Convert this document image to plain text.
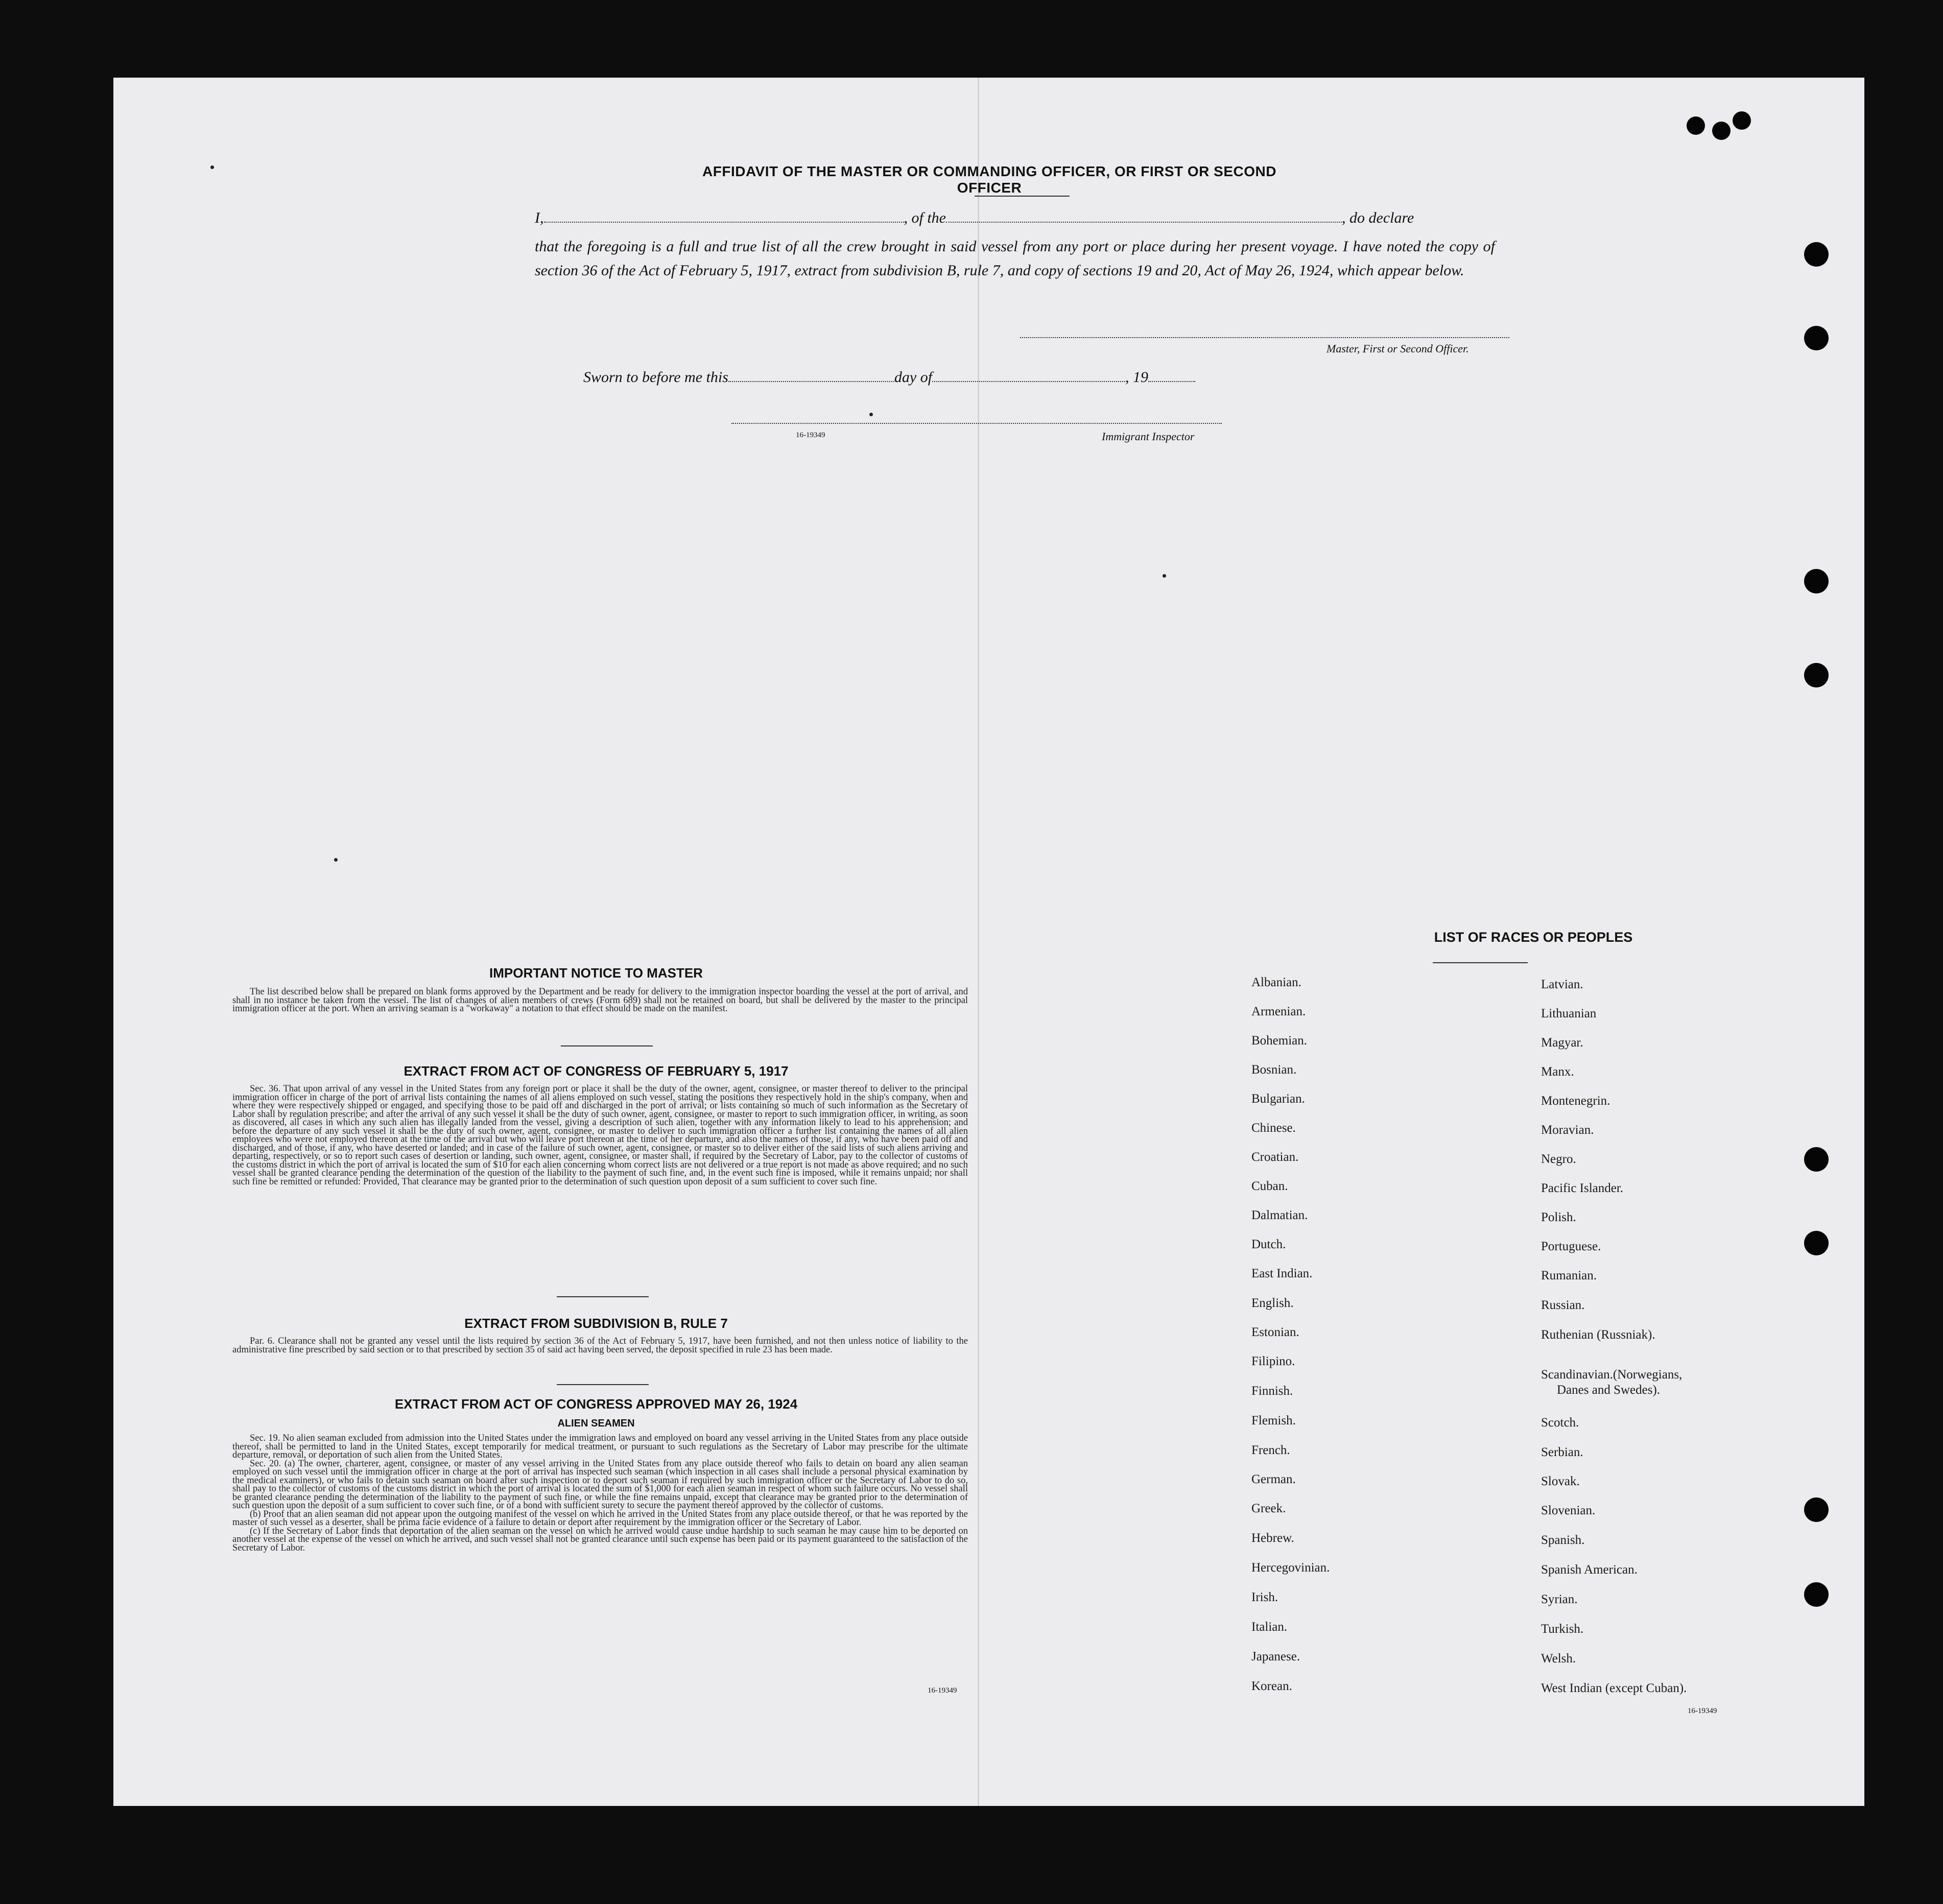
AFFIDAVIT OF THE MASTER OR COMMANDING OFFICER, OR FIRST OR SECOND OFFICER
I,	, of the	, do declare
that the foregoing is a full and true list of all the crew brought in said vessel from any port or place during her present voyage. I have noted the copy of section 36 of the Act of February 5, 1917, extract from subdivision B, rule 7, and copy of sections 19 and 20, Act of May 26, 1924, which appear below.
Master, First or Second Officer.
Sworn to before me this	day of	, 19
16-19349	Immigrant Inspector
IMPORTANT NOTICE TO MASTER

The list described below shall be prepared on blank forms approved by the Department and be ready for delivery to the immigration inspector boarding the vessel at the port of arrival, and shall in no instance be taken from the vessel. The list of changes of alien members of crews (Form 689) shall not be retained on board, but shall be delivered by the master to the principal immigration officer at the port. When an arriving seaman is a "workaway" a notation to that effect should be made on the manifest.

EXTRACT FROM ACT OF CONGRESS OF FEBRUARY 5, 1917

Sec. 36. That upon arrival of any vessel in the United States from any foreign port or place it shall be the duty of the owner, agent, consignee, or master thereof to deliver to the principal immigration officer in charge of the port of arrival lists containing the names of all aliens employed on such vessel, stating the positions they respectively hold in the ship's company, when and where they were respectively shipped or engaged, and specifying those to be paid off and discharged in the port of arrival; or lists containing so much of such information as the Secretary of Labor shall by regulation prescribe; and after the arrival of any such vessel it shall be the duty of such owner, agent, consignee, or master to report to such immigration officer, in writing, as soon as discovered, all cases in which any such alien has illegally landed from the vessel, giving a description of such alien, together with any information likely to lead to his apprehension; and before the departure of any such vessel it shall be the duty of such owner, agent, consignee, or master to deliver to such immigration officer a further list containing the names of all alien employees who were not employed thereon at the time of the arrival but who will leave port thereon at the time of her departure, and also the names of those, if any, who have been paid off and discharged, and of those, if any, who have deserted or landed; and in case of the failure of such owner, agent, consignee, or master so to deliver either of the said lists of such aliens arriving and departing, respectively, or so to report such cases of desertion or landing, such owner, agent, consignee, or master shall, if required by the Secretary of Labor, pay to the collector of customs of the customs district in which the port of arrival is located the sum of $10 for each alien concerning whom correct lists are not delivered or a true report is not made as above required; and no such vessel shall be granted clearance pending the determination of the question of the liability to the payment of such fine, and, in the event such fine is imposed, while it remains unpaid; nor shall such fine be remitted or refunded: Provided, That clearance may be granted prior to the determination of such question upon deposit of a sum sufficient to cover such fine.

EXTRACT FROM SUBDIVISION B, RULE 7

Par. 6. Clearance shall not be granted any vessel until the lists required by section 36 of the Act of February 5, 1917, have been furnished, and not then unless notice of liability to the administrative fine prescribed by said section or to that prescribed by section 35 of said act having been served, the deposit specified in rule 23 has been made.

EXTRACT FROM ACT OF CONGRESS APPROVED MAY 26, 1924
ALIEN SEAMEN

Sec. 19. No alien seaman excluded from admission into the United States under the immigration laws and employed on board any vessel arriving in the United States from any place outside thereof, shall be permitted to land in the United States, except temporarily for medical treatment, or pursuant to such regulations as the Secretary of Labor may prescribe for the ultimate departure, removal, or deportation of such alien from the United States.

Sec. 20. (a) The owner, charterer, agent, consignee, or master of any vessel arriving in the United States from any place outside thereof who fails to detain on board any alien seaman employed on such vessel until the immigration officer in charge at the port of arrival has inspected such seaman (which inspection in all cases shall include a personal physical examination by the medical examiners), or who fails to detain such seaman on board after such inspection or to deport such seaman if required by such immigration officer or the Secretary of Labor to do so, shall pay to the collector of customs of the customs district in which the port of arrival is located the sum of $1,000 for each alien seaman in respect of whom such failure occurs. No vessel shall be granted clearance pending the determination of the liability to the payment of such fine, or while the fine remains unpaid, except that clearance may be granted prior to the determination of such question upon the deposit of a sum sufficient to cover such fine, or of a bond with sufficient surety to secure the payment thereof approved by the collector of customs.

(b) Proof that an alien seaman did not appear upon the outgoing manifest of the vessel on which he arrived in the United States from any place outside thereof, or that he was reported by the master of such vessel as a deserter, shall be prima facie evidence of a failure to detain or deport after requirement by the immigration officer or the Secretary of Labor.

(c) If the Secretary of Labor finds that deportation of the alien seaman on the vessel on which he arrived would cause undue hardship to such seaman he may cause him to be deported on another vessel at the expense of the vessel on which he arrived, and such vessel shall not be granted clearance until such expense has been paid or its payment guaranteed to the satisfaction of the Secretary of Labor.

16-19349
LIST OF RACES OR PEOPLES
Albanian.
Armenian.
Bohemian.
Bosnian.
Bulgarian.
Chinese.
Croatian.
Cuban.
Dalmatian.
Dutch.
East Indian.
English.
Estonian.
Filipino.
Finnish.
Flemish.
French.
German.
Greek.
Hebrew.
Hercegovinian.
Irish.
Italian.
Japanese.
Korean.
Latvian.
Lithuanian
Magyar.
Manx.
Montenegrin.
Moravian.
Negro.
Pacific Islander.
Polish.
Portuguese.
Rumanian.
Russian.
Ruthenian (Russniak).
Scandinavian.(Norwegians,
Danes and Swedes).
Scotch.
Serbian.
Slovak.
Slovenian.
Spanish.
Spanish American.
Syrian.
Turkish.
Welsh.
West Indian (except Cuban).
16-19349
